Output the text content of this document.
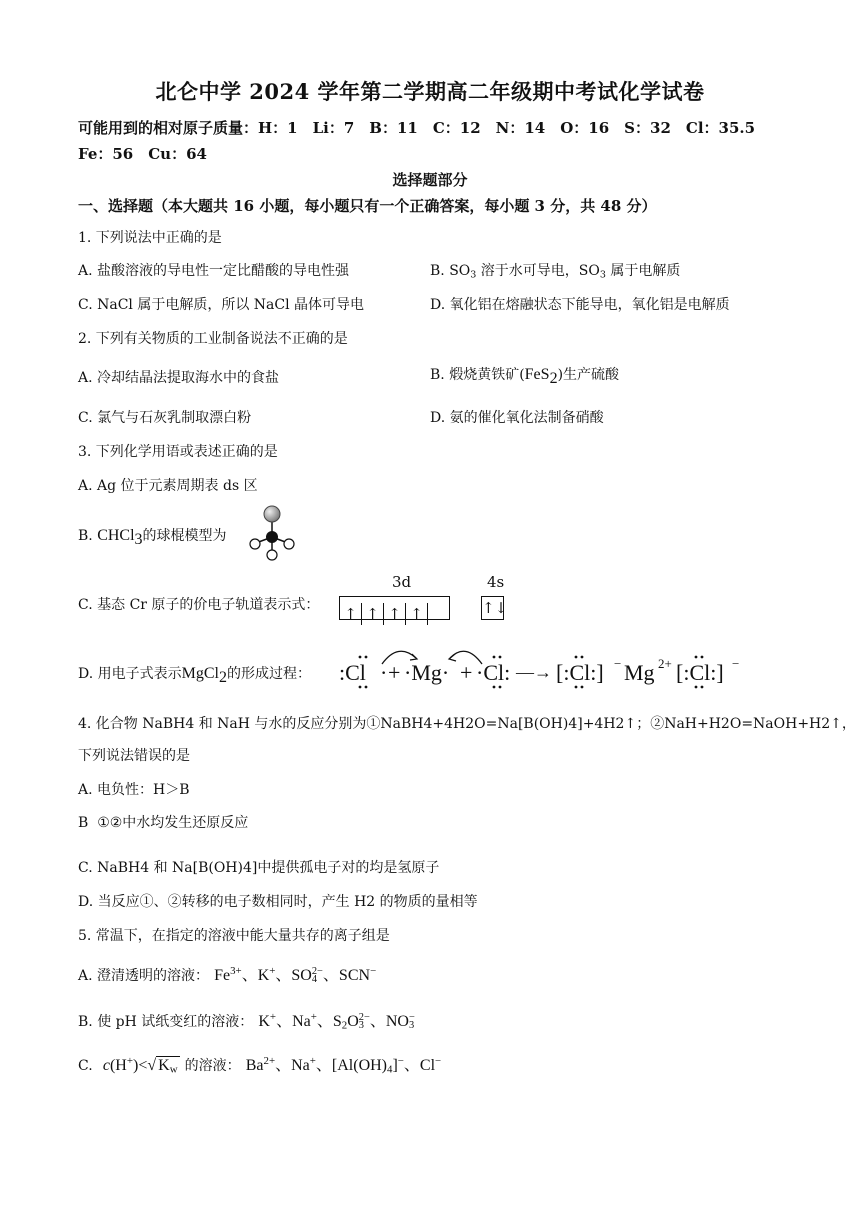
北仑中学 2024 学年第二学期高二年级期中考试化学试卷
可能用到的相对原子质量：H：1　Li：7　B：11　C：12　N：14　O：16　S：32　Cl：35.5
Fe：56　Cu：64
选择题部分
一、选择题（本大题共 16 小题，每小题只有一个正确答案，每小题 3 分，共 48 分）
1. 下列说法中正确的是
A. 盐酸溶液的导电性一定比醋酸的导电性强	B. $SO_3$ 溶于水可导电，$SO_3$ 属于电解质
C. NaCl 属于电解质，所以 NaCl 晶体可导电	D. 氧化铝在熔融状态下能导电，氧化铝是电解质
2. 下列有关物质的工业制备说法不正确的是
A. 冷却结晶法提取海水中的食盐	B. 煅烧黄铁矿(FeS2)生产硫酸
C. 氯气与石灰乳制取漂白粉	D. 氨的催化氧化法制备硝酸
3. 下列化学用语或表述正确的是
A. Ag 位于元素周期表 ds 区
B. CHCl3的球棍模型为
C. 基态 Cr 原子的价电子轨道表示式：
3d	4s
↑ ↑ ↑ ↑	↑↓
D. 用电子式表示MgCl2的形成过程： :Cl · + ·Mg· + ·Cl: —→ [:Cl:] − Mg 2+ [:Cl:] −
4. 化合物 NaBH4 和 NaH 与水的反应分别为①NaBH4+4H2O=Na[B(OH)4]+4H2↑；②NaH+H2O=NaOH+H2↑，
下列说法错误的是
A. 电负性：H＞B
B ①②中水均发生还原反应
C. NaBH4 和 Na[B(OH)4]中提供孤电子对的均是氢原子
D. 当反应①、②转移的电子数相同时，产生 H2 的物质的量相等
5. 常温下，在指定的溶液中能大量共存的离子组是
A. 澄清透明的溶液： $Fe^{3+}$、K+、SO 2−
4 、SCN−
B. 使 pH 试纸变红的溶液： K+、Na+、$S_2O$ 2−
3 、NO −
3
C. c(H+)<√ $K_w$ 的溶液： $Ba^{2+}$、Na+、$[Al(OH)_4]^-$、Cl−
